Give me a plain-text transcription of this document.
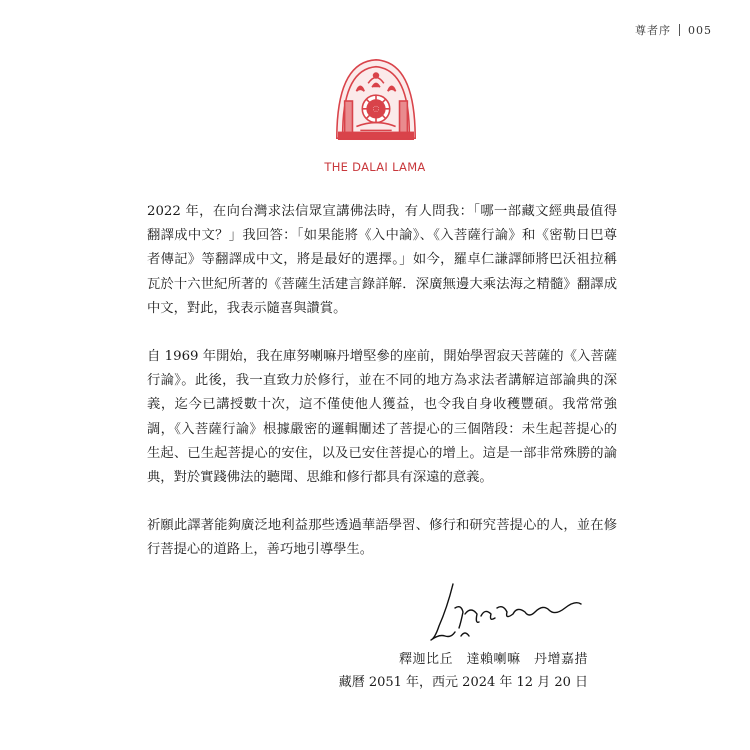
尊者序 005
THE DALAI LAMA

2022 年，在向台灣求法信眾宣講佛法時，有人問我：「哪一部藏文經典最值得翻譯成中文？」我回答：「如果能將《入中論》、《入菩薩行論》和《密勒日巴尊者傳記》等翻譯成中文，將是最好的選擇。」如今，羅卓仁謙譯師將巴沃祖拉稱瓦於十六世紀所著的《菩薩生活建言錄詳解．深廣無邊大乘法海之精髓》翻譯成中文，對此，我表示隨喜與讚賞。

自 1969 年開始，我在庫努喇嘛丹增堅參的座前，開始學習寂天菩薩的《入菩薩行論》。此後，我一直致力於修行，並在不同的地方為求法者講解這部論典的深義，迄今已講授數十次，這不僅使他人獲益，也令我自身收穫豐碩。我常常強調，《入菩薩行論》根據嚴密的邏輯闡述了菩提心的三個階段：未生起菩提心的生起、已生起菩提心的安住，以及已安住菩提心的增上。這是一部非常殊勝的論典，對於實踐佛法的聽聞、思維和修行都具有深遠的意義。

祈願此譯著能夠廣泛地利益那些透過華語學習、修行和研究菩提心的人，並在修行菩提心的道路上，善巧地引導學生。

釋迦比丘　達賴喇嘛　丹增嘉措
藏曆 2051 年，西元 2024 年 12 月 20 日
